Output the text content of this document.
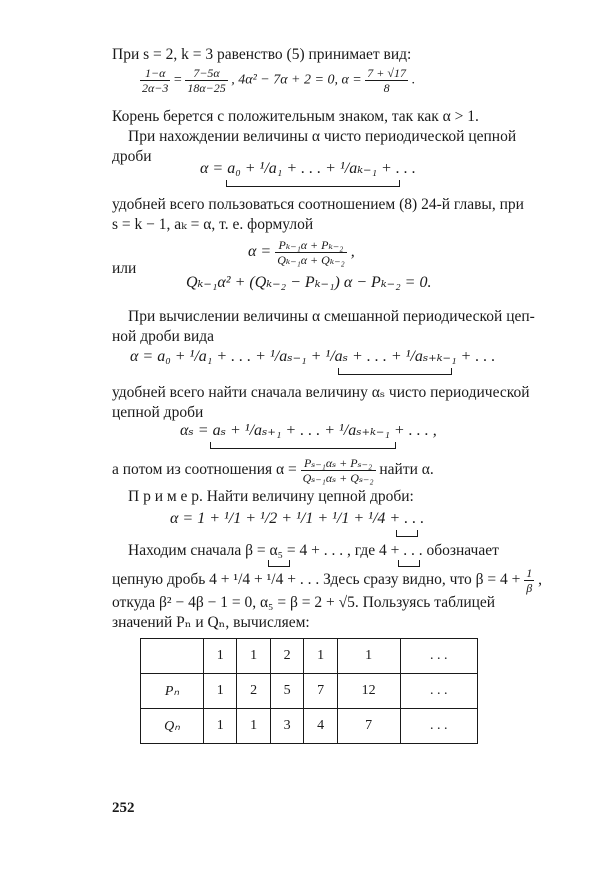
При s = 2, k = 3 равенство (5) принимает вид:
$\frac{1-\alpha}{2\alpha-3} = \frac{7-5\alpha}{18\alpha-25}$ , 4α² − 7α + 2 = 0, $\alpha = \frac{7 + √17}{8}$ .
Корень берется с положительным знаком, так как α > 1.
При нахождении величины α чисто периодической цепной
дроби
α = a₀ + ¹/a₁ + . . . + ¹/aₖ₋₁ + . . .
удобней всего пользоваться соотношением (8) 24-й главы, при
s = k − 1, aₖ = α, т. е. формулой
$\alpha = \frac{\text{Pₖ₋₁α + Pₖ₋₂}}{\text{Qₖ₋₁α + Qₖ₋₂}}$ ,
или
Qₖ₋₁α² + (Qₖ₋₂ − Pₖ₋₁) α − Pₖ₋₂ = 0.
При вычислении величины α смешанной периодической цеп-
ной дроби вида
α = a₀ + ¹/a₁ + . . . + ¹/aₛ₋₁ + ¹/aₛ + . . . + ¹/aₛ₊ₖ₋₁ + . . .
удобней всего найти сначала величину αₛ чисто периодической
цепной дроби
αₛ = aₛ + ¹/aₛ₊₁ + . . . + ¹/aₛ₊ₖ₋₁ + . . . ,
а потом из соотношения $\alpha = \frac{\text{Pₛ₋₁αₛ + Pₛ₋₂}}{\text{Qₛ₋₁αₛ + Qₛ₋₂}}$ найти α.
П р и м е р. Найти величину цепной дроби:
α = 1 + ¹/1 + ¹/2 + ¹/1 + ¹/1 + ¹/4 + . . .
Находим сначала β = α₅ = 4 + . . . , где 4 + . . . обозначает
цепную дробь 4 + ¹/4 + ¹/4 + . . . Здесь сразу видно, что $\beta = 4 + \frac{1}{\beta}$ ,
откуда β² − 4β − 1 = 0, α₅ = β = 2 + √5. Пользуясь таблицей
значений Pₙ и Qₙ, вычисляем:
	1	1	2	1	1	. . .
Pₙ	1	2	5	7	12	. . .
Qₙ	1	1	3	4	7	. . .
252
